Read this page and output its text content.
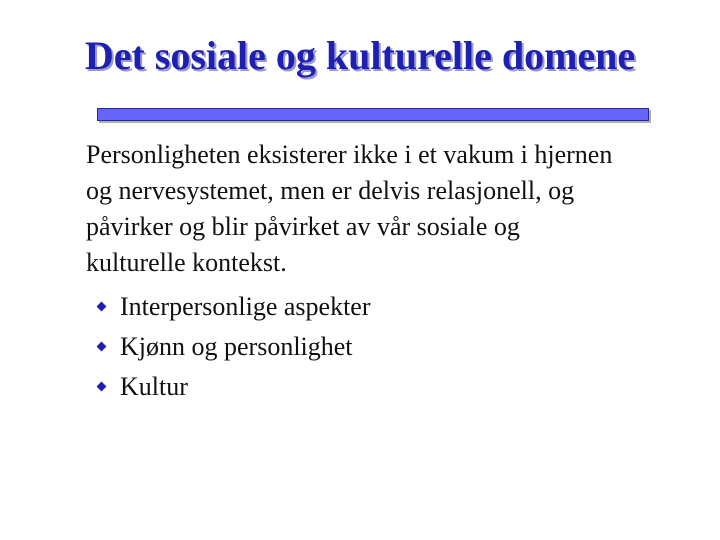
Det sosiale og kulturelle domene

Personligheten eksisterer ikke i et vakum i hjernen
og nervesystemet, men er delvis relasjonell, og
påvirker og blir påvirket av vår sosiale og
kulturelle kontekst.

Interpersonlige aspekter
Kjønn og personlighet
Kultur
